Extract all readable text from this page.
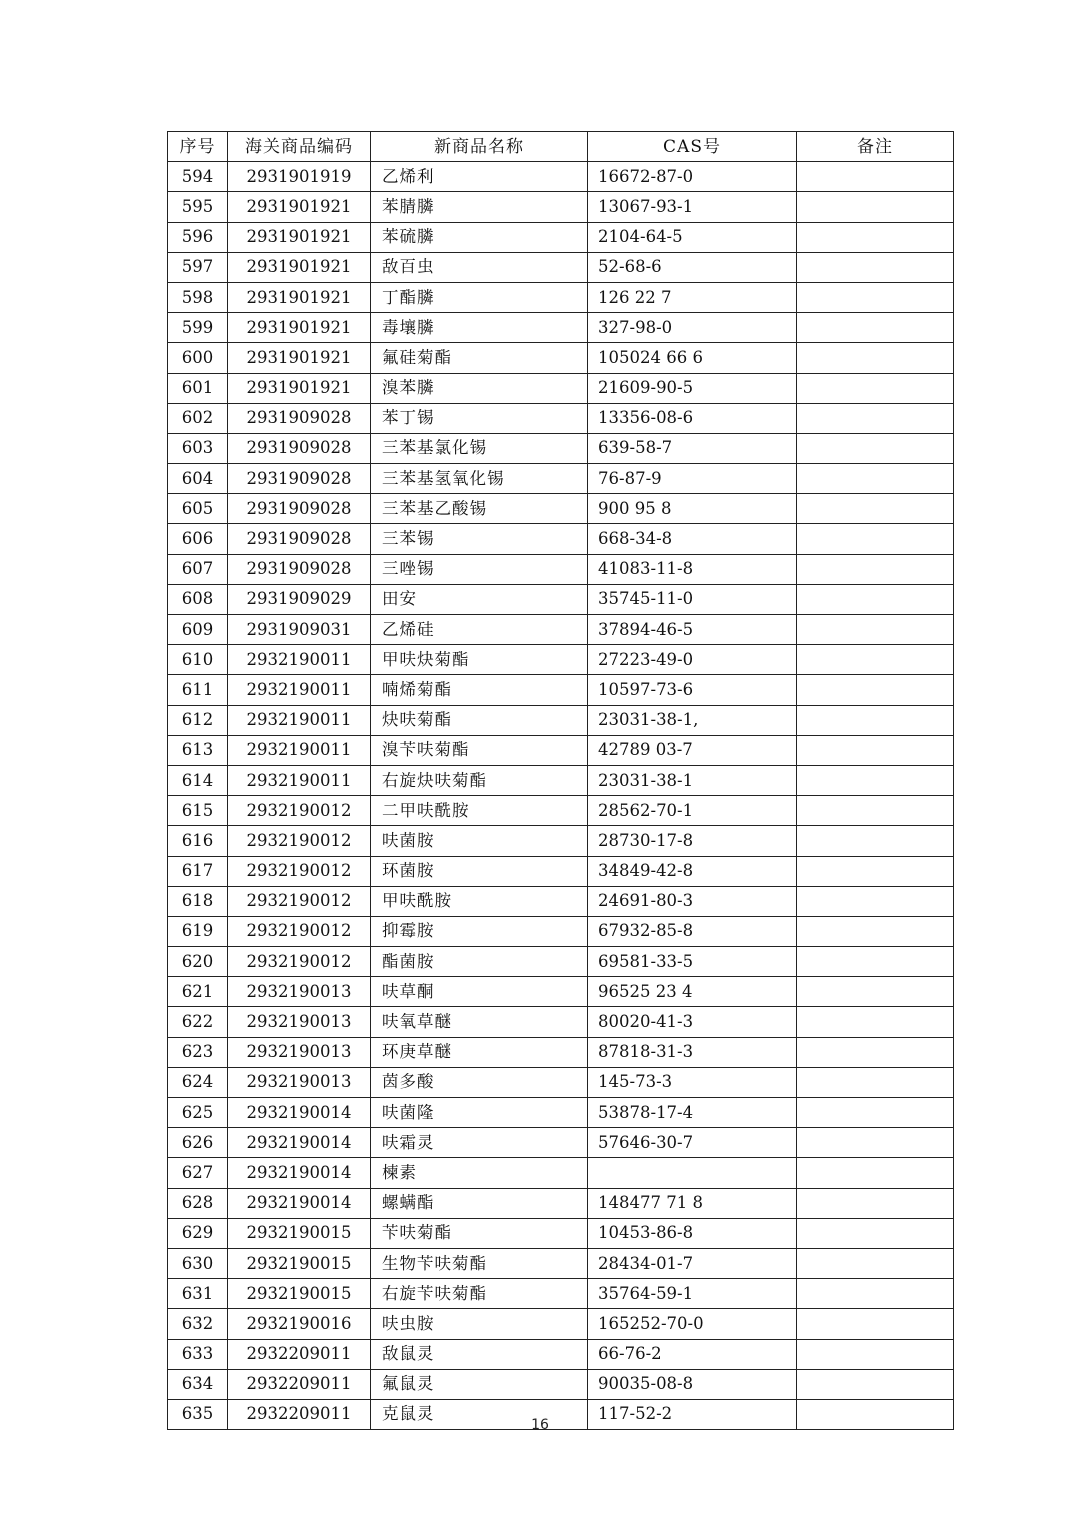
序号	海关商品编码	新商品名称	CAS号	备注
594	2931901919	乙烯利	16672-87-0	
595	2931901921	苯腈膦	13067-93-1	
596	2931901921	苯硫膦	2104-64-5	
597	2931901921	敌百虫	52-68-6	
598	2931901921	丁酯膦	126 22 7	
599	2931901921	毒壤膦	327-98-0	
600	2931901921	氟硅菊酯	105024 66 6	
601	2931901921	溴苯膦	21609-90-5	
602	2931909028	苯丁锡	13356-08-6	
603	2931909028	三苯基氯化锡	639-58-7	
604	2931909028	三苯基氢氧化锡	76-87-9	
605	2931909028	三苯基乙酸锡	900 95 8	
606	2931909028	三苯锡	668-34-8	
607	2931909028	三唑锡	41083-11-8	
608	2931909029	田安	35745-11-0	
609	2931909031	乙烯硅	37894-46-5	
610	2932190011	甲呋炔菊酯	27223-49-0	
611	2932190011	喃烯菊酯	10597-73-6	
612	2932190011	炔呋菊酯	23031-38-1,	
613	2932190011	溴苄呋菊酯	42789 03-7	
614	2932190011	右旋炔呋菊酯	23031-38-1	
615	2932190012	二甲呋酰胺	28562-70-1	
616	2932190012	呋菌胺	28730-17-8	
617	2932190012	环菌胺	34849-42-8	
618	2932190012	甲呋酰胺	24691-80-3	
619	2932190012	抑霉胺	67932-85-8	
620	2932190012	酯菌胺	69581-33-5	
621	2932190013	呋草酮	96525 23 4	
622	2932190013	呋氧草醚	80020-41-3	
623	2932190013	环庚草醚	87818-31-3	
624	2932190013	茵多酸	145-73-3	
625	2932190014	呋菌隆	53878-17-4	
626	2932190014	呋霜灵	57646-30-7	
627	2932190014	楝素		
628	2932190014	螺螨酯	148477 71 8	
629	2932190015	苄呋菊酯	10453-86-8	
630	2932190015	生物苄呋菊酯	28434-01-7	
631	2932190015	右旋苄呋菊酯	35764-59-1	
632	2932190016	呋虫胺	165252-70-0	
633	2932209011	敌鼠灵	66-76-2	
634	2932209011	氟鼠灵	90035-08-8	
635	2932209011	克鼠灵	117-52-2	
16
